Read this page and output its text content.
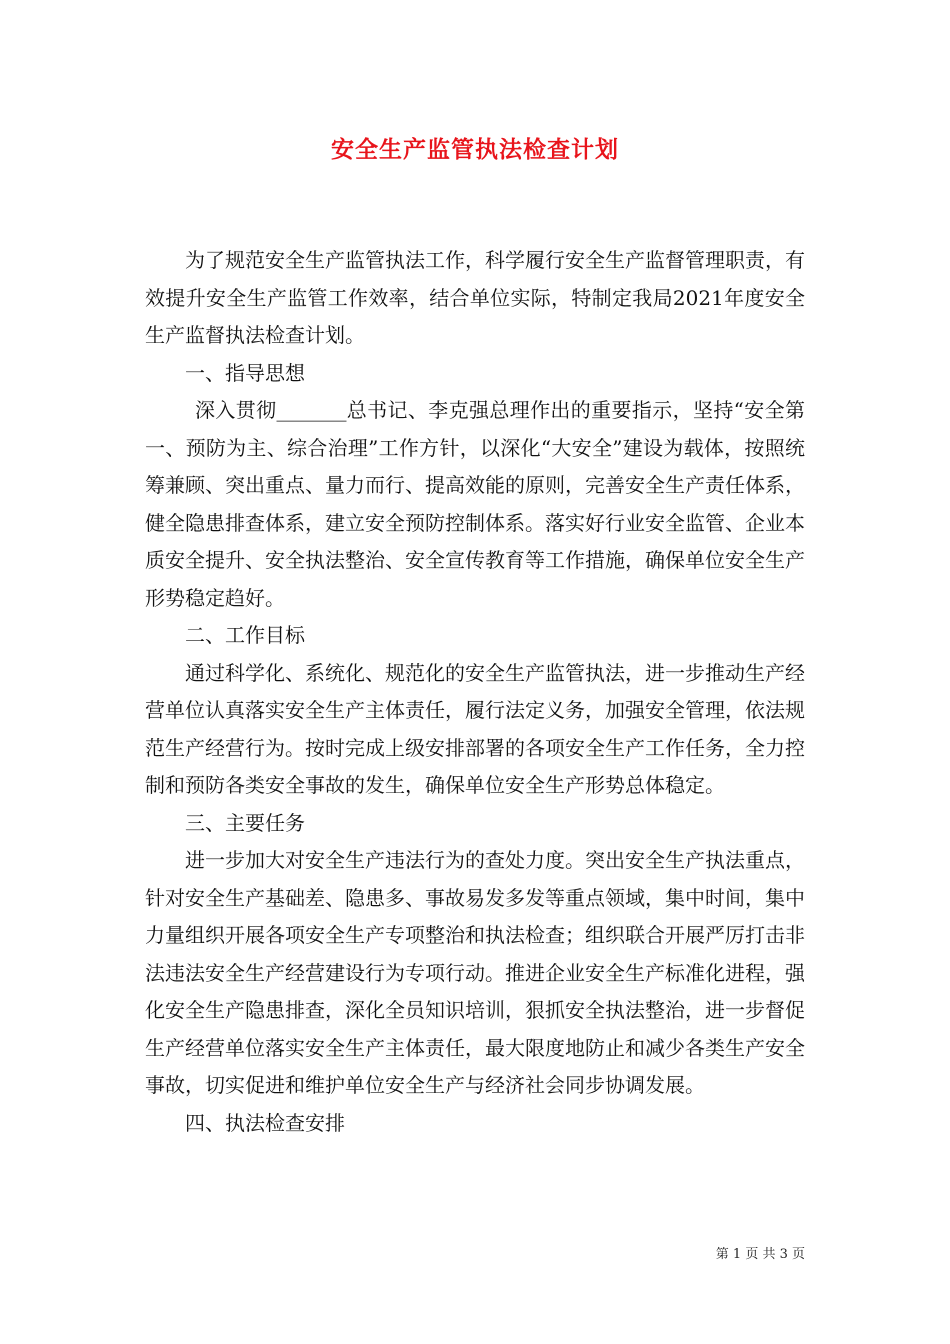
安全生产监管执法检查计划

为了规范安全生产监管执法工作，科学履行安全生产监督管理职责，有效提升安全生产监管工作效率，结合单位实际，特制定我局2021年度安全生产监督执法检查计划。

一、指导思想

深入贯彻_______总书记、李克强总理作出的重要指示，坚持“安全第一、预防为主、综合治理”工作方针，以深化“大安全”建设为载体，按照统筹兼顾、突出重点、量力而行、提高效能的原则，完善安全生产责任体系，健全隐患排查体系，建立安全预防控制体系。落实好行业安全监管、企业本质安全提升、安全执法整治、安全宣传教育等工作措施，确保单位安全生产形势稳定趋好。

二、工作目标

通过科学化、系统化、规范化的安全生产监管执法，进一步推动生产经营单位认真落实安全生产主体责任，履行法定义务，加强安全管理，依法规范生产经营行为。按时完成上级安排部署的各项安全生产工作任务，全力控制和预防各类安全事故的发生，确保单位安全生产形势总体稳定。

三、主要任务

进一步加大对安全生产违法行为的查处力度。突出安全生产执法重点，针对安全生产基础差、隐患多、事故易发多发等重点领域，集中时间，集中力量组织开展各项安全生产专项整治和执法检查；组织联合开展严厉打击非法违法安全生产经营建设行为专项行动。推进企业安全生产标准化进程，强化安全生产隐患排查，深化全员知识培训，狠抓安全执法整治，进一步督促生产经营单位落实安全生产主体责任，最大限度地防止和减少各类生产安全事故，切实促进和维护单位安全生产与经济社会同步协调发展。

四、执法检查安排

第 1 页 共 3 页
